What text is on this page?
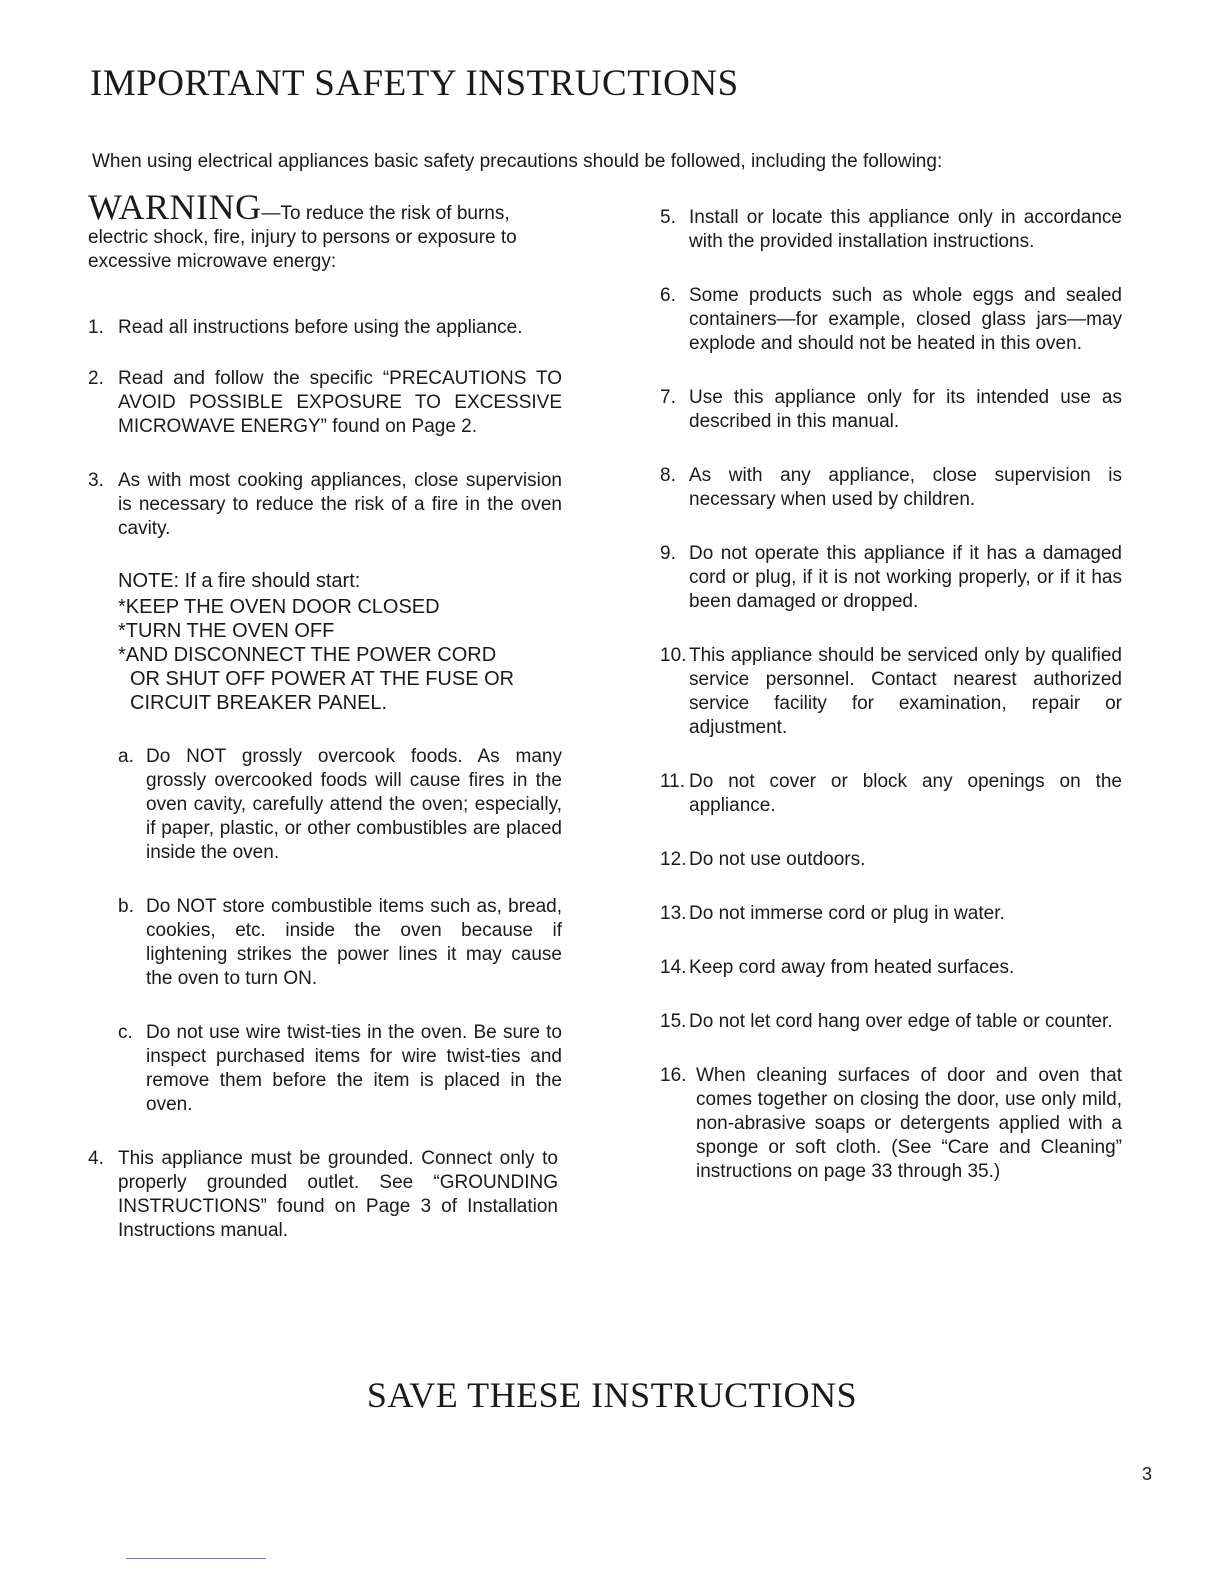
IMPORTANT SAFETY INSTRUCTIONS

When using electrical appliances basic safety precautions should be followed, including the following:

WARNING—To reduce the risk of burns, electric shock, fire, injury to persons or exposure to excessive microwave energy:

1. Read all instructions before using the appliance.
2. Read and follow the specific “PRECAUTIONS TO AVOID POSSIBLE EXPOSURE TO EXCESSIVE MICROWAVE ENERGY” found on Page 2.
3. As with most cooking appliances, close supervision is necessary to reduce the risk of a fire in the oven cavity.

NOTE: If a fire should start:

*KEEP THE OVEN DOOR CLOSED

*TURN THE OVEN OFF

*AND DISCONNECT THE POWER CORD

OR SHUT OFF POWER AT THE FUSE OR

CIRCUIT BREAKER PANEL.

a. Do NOT grossly overcook foods. As many grossly overcooked foods will cause fires in the oven cavity, carefully attend the oven; especially, if paper, plastic, or other combustibles are placed inside the oven.
b. Do NOT store combustible items such as, bread, cookies, etc. inside the oven because if lightening strikes the power lines it may cause the oven to turn ON.
c. Do not use wire twist-ties in the oven. Be sure to inspect purchased items for wire twist-ties and remove them before the item is placed in the oven.
4. This appliance must be grounded. Connect only to properly grounded outlet. See “GROUNDING INSTRUCTIONS” found on Page 3 of Installation Instructions manual.
5. Install or locate this appliance only in accordance with the provided installation instructions.
6. Some products such as whole eggs and sealed containers—for example, closed glass jars—may explode and should not be heated in this oven.
7. Use this appliance only for its intended use as described in this manual.
8. As with any appliance, close supervision is necessary when used by children.
9. Do not operate this appliance if it has a damaged cord or plug, if it is not working properly, or if it has been damaged or dropped.
10. This appliance should be serviced only by qualified service personnel. Contact nearest authorized service facility for examination, repair or adjustment.
11. Do not cover or block any openings on the appliance.
12. Do not use outdoors.
13. Do not immerse cord or plug in water.
14. Keep cord away from heated surfaces.
15. Do not let cord hang over edge of table or counter.
16. When cleaning surfaces of door and oven that comes together on closing the door, use only mild, non-abrasive soaps or detergents applied with a sponge or soft cloth. (See “Care and Cleaning” instructions on page 33 through 35.)
SAVE THESE INSTRUCTIONS
3
